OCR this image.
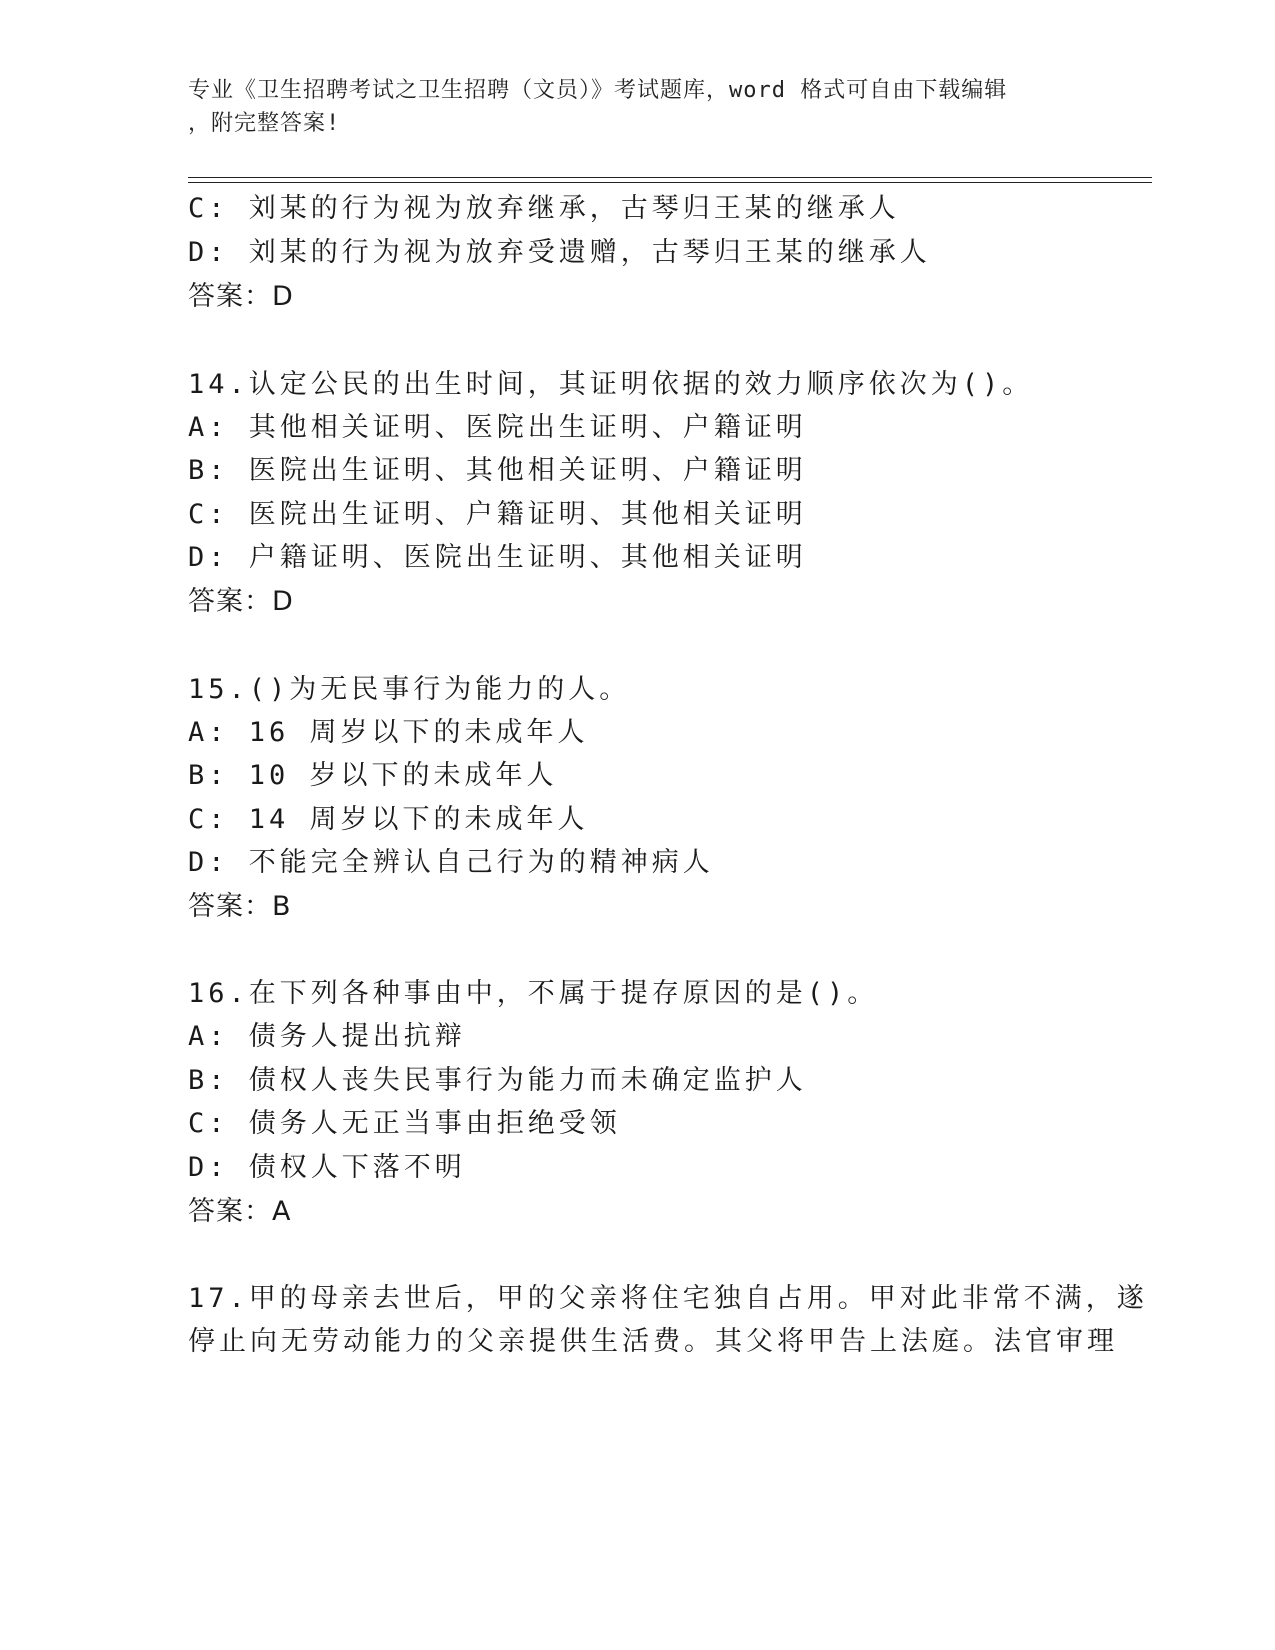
专业《卫生招聘考试之卫生招聘（文员）》考试题库，word 格式可自由下载编辑
，附完整答案!
C: 刘某的行为视为放弃继承，古琴归王某的继承人
D: 刘某的行为视为放弃受遗赠，古琴归王某的继承人
答案：D
14.认定公民的出生时间，其证明依据的效力顺序依次为()。
A: 其他相关证明、医院出生证明、户籍证明
B: 医院出生证明、其他相关证明、户籍证明
C: 医院出生证明、户籍证明、其他相关证明
D: 户籍证明、医院出生证明、其他相关证明
答案：D
15.()为无民事行为能力的人。
A: 16 周岁以下的未成年人
B: 10 岁以下的未成年人
C: 14 周岁以下的未成年人
D: 不能完全辨认自己行为的精神病人
答案：B
16.在下列各种事由中，不属于提存原因的是()。
A: 债务人提出抗辩
B: 债权人丧失民事行为能力而未确定监护人
C: 债务人无正当事由拒绝受领
D: 债权人下落不明
答案：A
17.甲的母亲去世后，甲的父亲将住宅独自占用。甲对此非常不满，遂
停止向无劳动能力的父亲提供生活费。其父将甲告上法庭。法官审理
